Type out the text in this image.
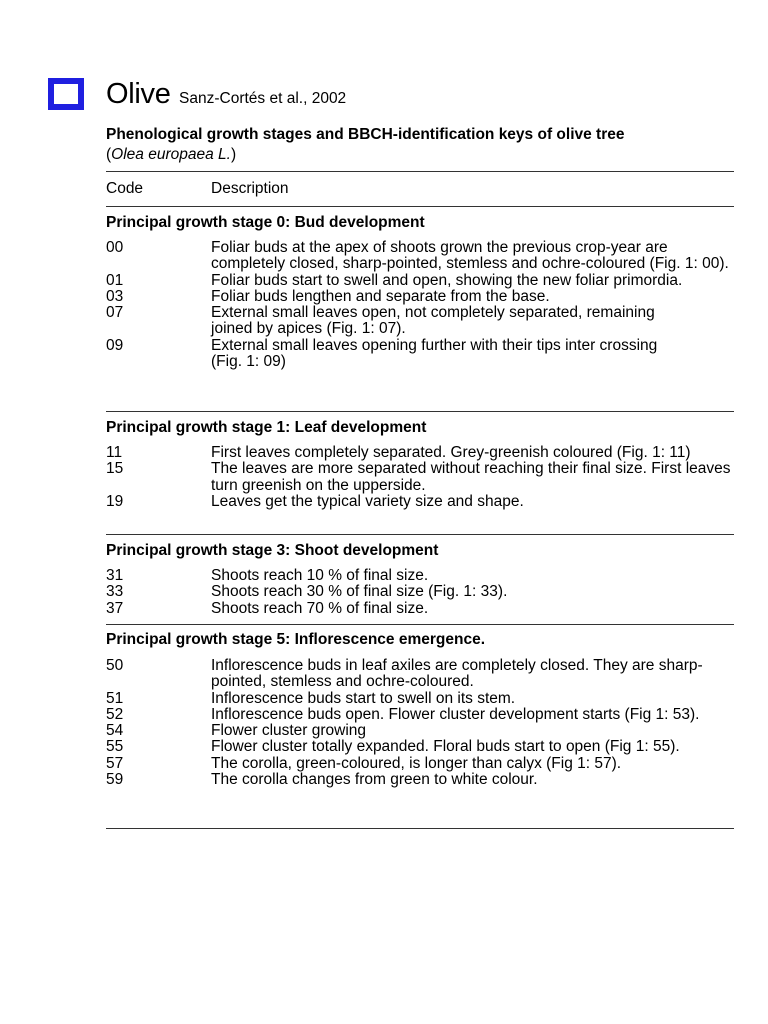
Olive Sanz-Cortés et al., 2002
Phenological growth stages and BBCH-identification keys of olive tree
(Olea europaea L.)
Code	Description
Principal growth stage 0: Bud development
00	Foliar buds at the apex of shoots grown the previous crop-year are completely closed, sharp-pointed, stemless and ochre-coloured (Fig. 1: 00).
01	Foliar buds start to swell and open, showing the new foliar primordia.
03	Foliar buds lengthen and separate from the base.
07	External small leaves open, not completely separated, remaining joined by apices (Fig. 1: 07).
09	External small leaves opening further with their tips inter crossing (Fig. 1: 09)
Principal growth stage 1: Leaf development
11	First leaves completely separated. Grey-greenish coloured (Fig. 1: 11)
15	The leaves are more separated without reaching their final size. First leaves turn greenish on the upperside.
19	Leaves get the typical variety size and shape.
Principal growth stage 3: Shoot development
31	Shoots reach 10 % of final size.
33	Shoots reach 30 % of final size (Fig. 1: 33).
37	Shoots reach 70 % of final size.
Principal growth stage 5: Inflorescence emergence.
50	Inflorescence buds in leaf axiles are completely closed. They are sharp-pointed, stemless and ochre-coloured.
51	Inflorescence buds start to swell on its stem.
52	Inflorescence buds open. Flower cluster development starts (Fig 1: 53).
54	Flower cluster growing
55	Flower cluster totally expanded. Floral buds start to open (Fig 1: 55).
57	The corolla, green-coloured, is longer than calyx (Fig 1: 57).
59	The corolla changes from green to white colour.
